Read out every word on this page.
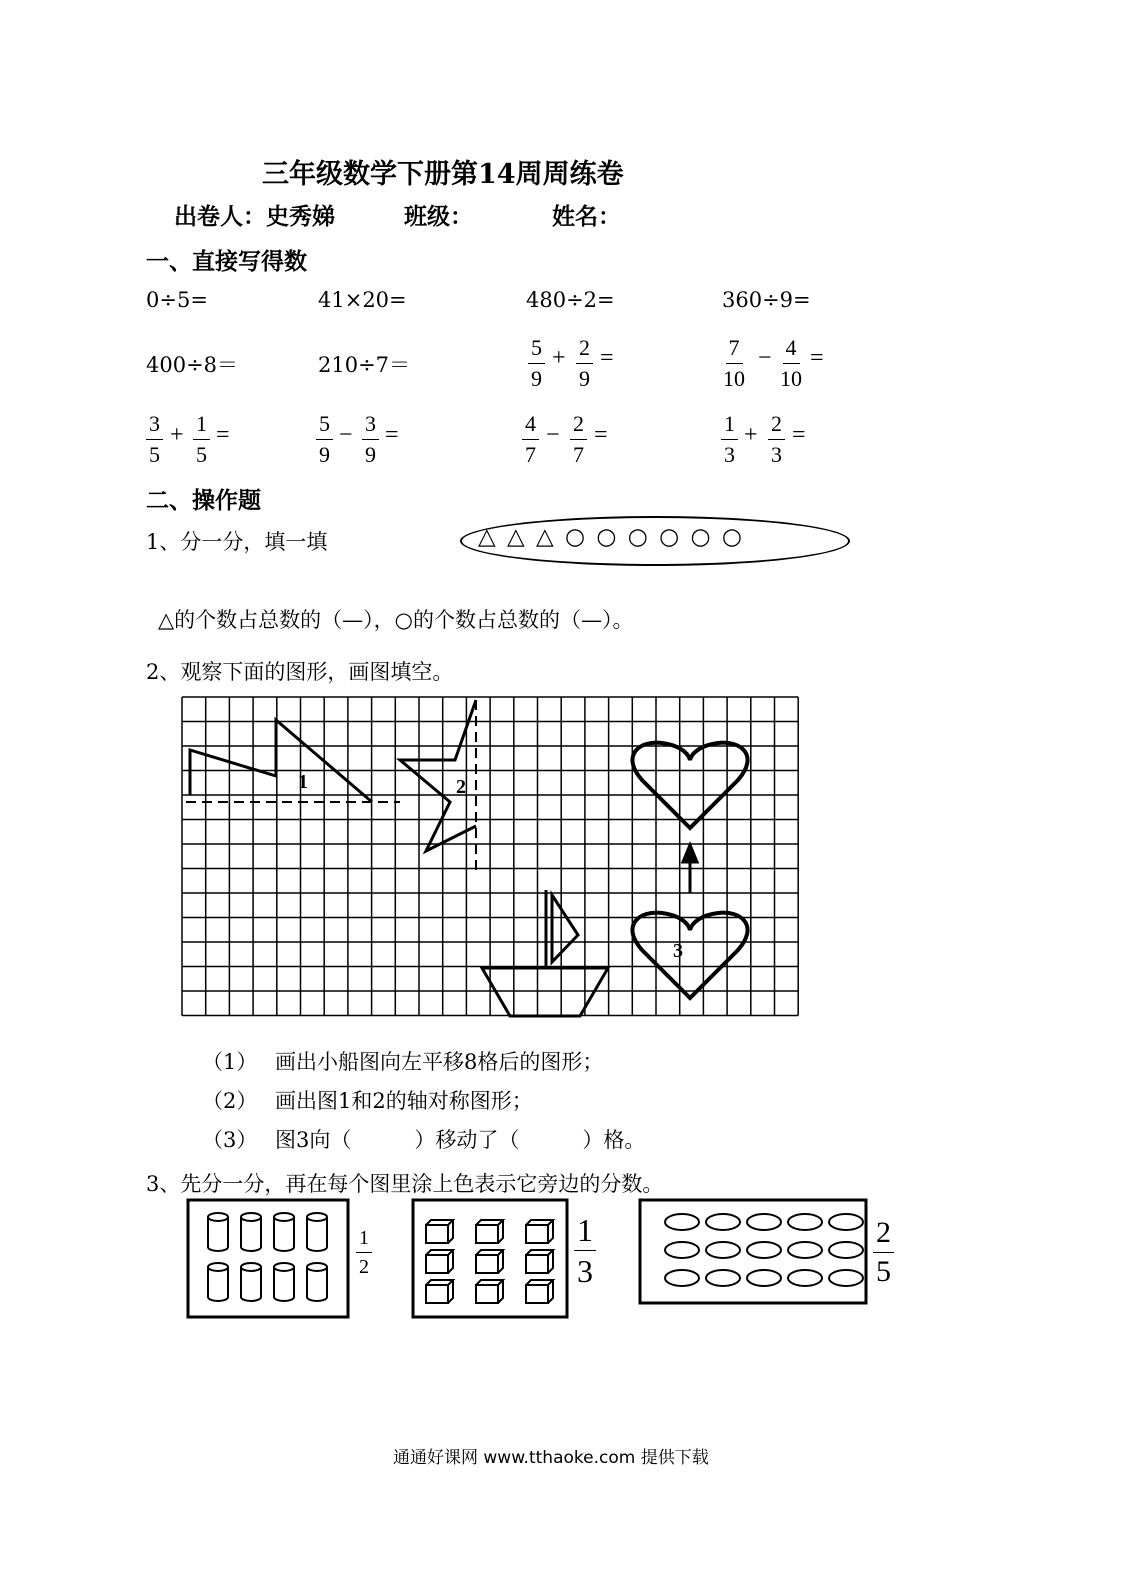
三年级数学下册第14周周练卷
出卷人：史秀娣	班级：	姓名：
一、直接写得数
0÷5=	41×20=	480÷2=	360÷9=
400÷8＝	210÷7＝	$\frac{5}{9} + \frac{2}{9}$ =	$\frac{7}{10} - \frac{4}{10}$ =
$\frac{3}{5} + \frac{1}{5}$ =	$\frac{5}{9} - \frac{3}{9}$ =	$\frac{4}{7} - \frac{2}{7}$ =	$\frac{1}{3} + \frac{2}{3}$ =
二、操作题
1、分一分，填一填	△ △ △ ○ ○ ○ ○ ○ ○
△的个数占总数的（—），○的个数占总数的（—）。
2、观察下面的图形，画图填空。
1	2
3
（1） 画出小船图向左平移8格后的图形；
（2） 画出图1和2的轴对称图形；
（3） 图3向（　　　）移动了（　　　）格。
3、先分一分，再在每个图里涂上色表示它旁边的分数。
$\frac{1}{2}$	$\frac{1}{3}$	$\frac{2}{5}$
通通好课网 www.tthaoke.com 提供下载
